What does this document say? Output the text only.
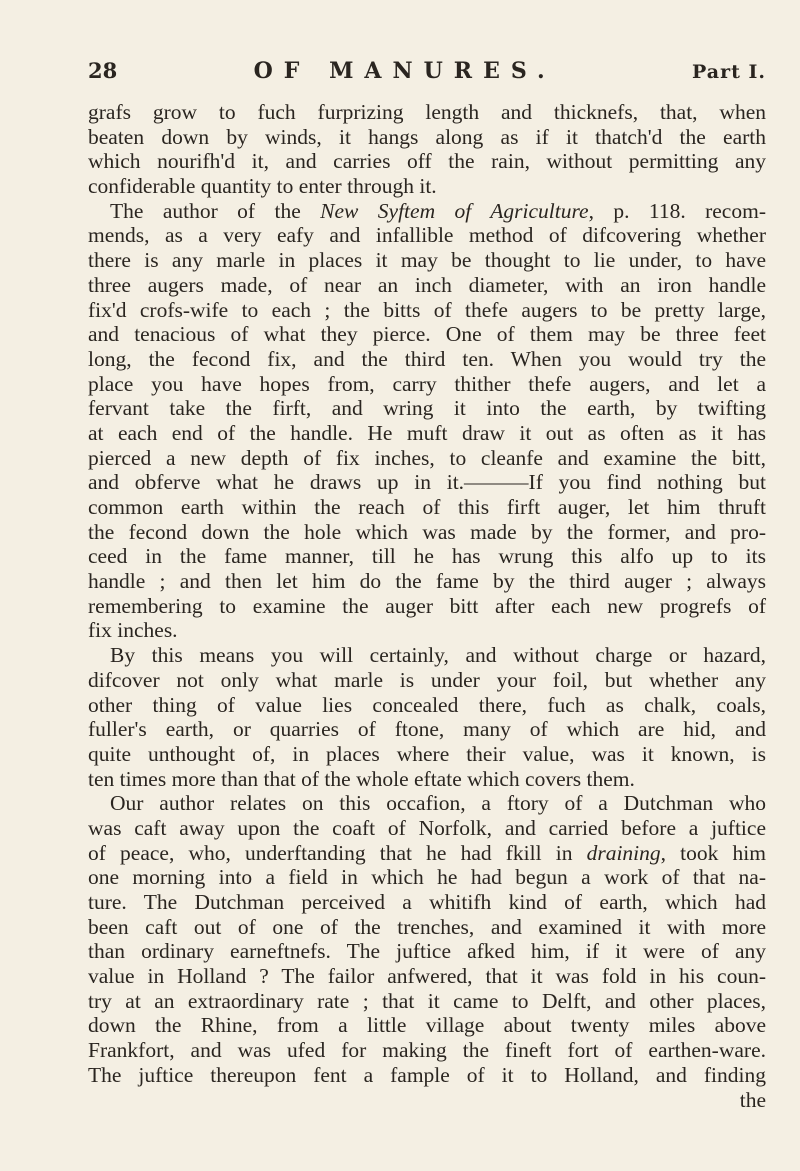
28	OF MANURES.	Part I.
grafs grow to fuch furprizing length and thicknefs, that, when
beaten down by winds, it hangs along as if it thatch'd the earth
which nourifh'd it, and carries off the rain, without permitting any
confiderable quantity to enter through it.
The author of the New Syftem of Agriculture, p. 118. recom-
mends, as a very eafy and infallible method of difcovering whether
there is any marle in places it may be thought to lie under, to have
three augers made, of near an inch diameter, with an iron handle
fix'd crofs-wife to each ; the bitts of thefe augers to be pretty large,
and tenacious of what they pierce. One of them may be three feet
long, the fecond fix, and the third ten. When you would try the
place you have hopes from, carry thither thefe augers, and let a
fervant take the firft, and wring it into the earth, by twifting
at each end of the handle. He muft draw it out as often as it has
pierced a new depth of fix inches, to cleanfe and examine the bitt,
and obferve what he draws up in it.———If you find nothing but
common earth within the reach of this firft auger, let him thruft
the fecond down the hole which was made by the former, and pro-
ceed in the fame manner, till he has wrung this alfo up to its
handle ; and then let him do the fame by the third auger ; always
remembering to examine the auger bitt after each new progrefs of
fix inches.
By this means you will certainly, and without charge or hazard,
difcover not only what marle is under your foil, but whether any
other thing of value lies concealed there, fuch as chalk, coals,
fuller's earth, or quarries of ftone, many of which are hid, and
quite unthought of, in places where their value, was it known, is
ten times more than that of the whole eftate which covers them.
Our author relates on this occafion, a ftory of a Dutchman who
was caft away upon the coaft of Norfolk, and carried before a juftice
of peace, who, underftanding that he had fkill in draining, took him
one morning into a field in which he had begun a work of that na-
ture. The Dutchman perceived a whitifh kind of earth, which had
been caft out of one of the trenches, and examined it with more
than ordinary earneftnefs. The juftice afked him, if it were of any
value in Holland ? The failor anfwered, that it was fold in his coun-
try at an extraordinary rate ; that it came to Delft, and other places,
down the Rhine, from a little village about twenty miles above
Frankfort, and was ufed for making the fineft fort of earthen-ware.
The juftice thereupon fent a fample of it to Holland, and finding
the
